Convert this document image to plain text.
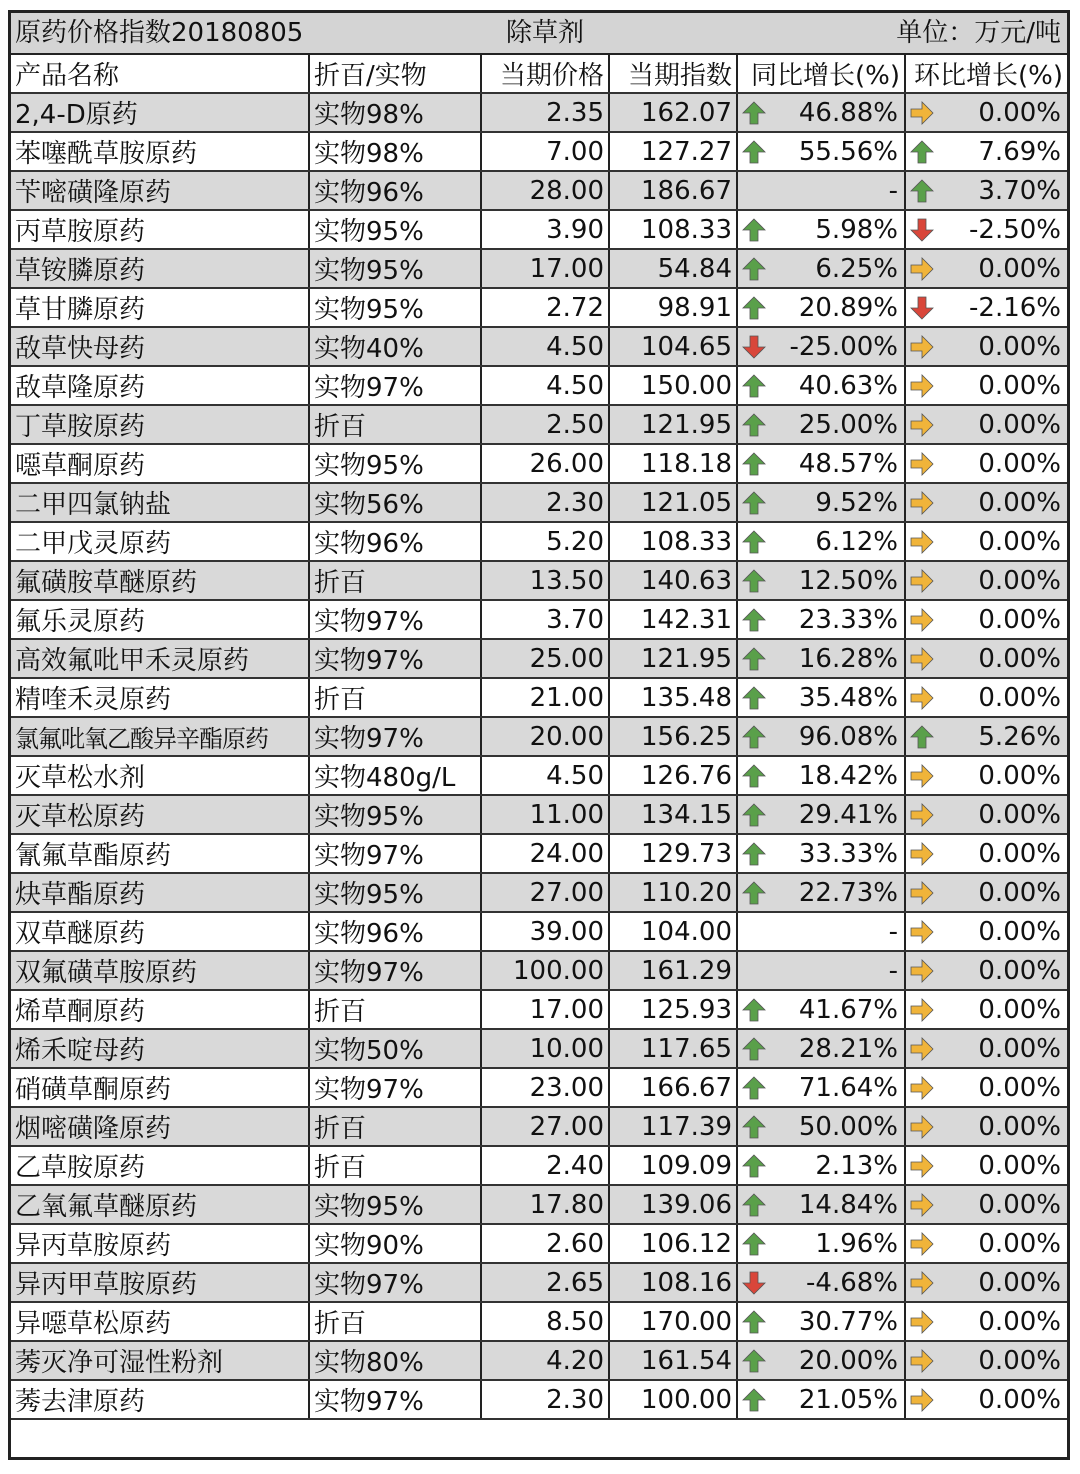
原药价格指数20180805	除草剂	单位：万元/吨
产品名称	折百/实物	当期价格	当期指数	同比增长(%)	环比增长(%)
2,4-D原药	实物98%	2.35	162.07	46.88%	0.00%

苯噻酰草胺原药	实物98%	7.00	127.27	55.56%	7.69%

苄嘧磺隆原药	实物96%	28.00	186.67	-	3.70%

丙草胺原药	实物95%	3.90	108.33	5.98%	-2.50%

草铵膦原药	实物95%	17.00	54.84	6.25%	0.00%

草甘膦原药	实物95%	2.72	98.91	20.89%	-2.16%

敌草快母药	实物40%	4.50	104.65	-25.00%	0.00%

敌草隆原药	实物97%	4.50	150.00	40.63%	0.00%

丁草胺原药	折百	2.50	121.95	25.00%	0.00%

噁草酮原药	实物95%	26.00	118.18	48.57%	0.00%

二甲四氯钠盐	实物56%	2.30	121.05	9.52%	0.00%

二甲戊灵原药	实物96%	5.20	108.33	6.12%	0.00%

氟磺胺草醚原药	折百	13.50	140.63	12.50%	0.00%

氟乐灵原药	实物97%	3.70	142.31	23.33%	0.00%

高效氟吡甲禾灵原药	实物97%	25.00	121.95	16.28%	0.00%

精喹禾灵原药	折百	21.00	135.48	35.48%	0.00%

氯氟吡氧乙酸异辛酯原药	实物97%	20.00	156.25	96.08%	5.26%

灭草松水剂	实物480g/L	4.50	126.76	18.42%	0.00%

灭草松原药	实物95%	11.00	134.15	29.41%	0.00%

氰氟草酯原药	实物97%	24.00	129.73	33.33%	0.00%

炔草酯原药	实物95%	27.00	110.20	22.73%	0.00%

双草醚原药	实物96%	39.00	104.00	-	0.00%

双氟磺草胺原药	实物97%	100.00	161.29	-	0.00%

烯草酮原药	折百	17.00	125.93	41.67%	0.00%

烯禾啶母药	实物50%	10.00	117.65	28.21%	0.00%

硝磺草酮原药	实物97%	23.00	166.67	71.64%	0.00%

烟嘧磺隆原药	折百	27.00	117.39	50.00%	0.00%

乙草胺原药	折百	2.40	109.09	2.13%	0.00%

乙氧氟草醚原药	实物95%	17.80	139.06	14.84%	0.00%

异丙草胺原药	实物90%	2.60	106.12	1.96%	0.00%

异丙甲草胺原药	实物97%	2.65	108.16	-4.68%	0.00%

异噁草松原药	折百	8.50	170.00	30.77%	0.00%

莠灭净可湿性粉剂	实物80%	4.20	161.54	20.00%	0.00%

莠去津原药	实物97%	2.30	100.00	21.05%	0.00%
